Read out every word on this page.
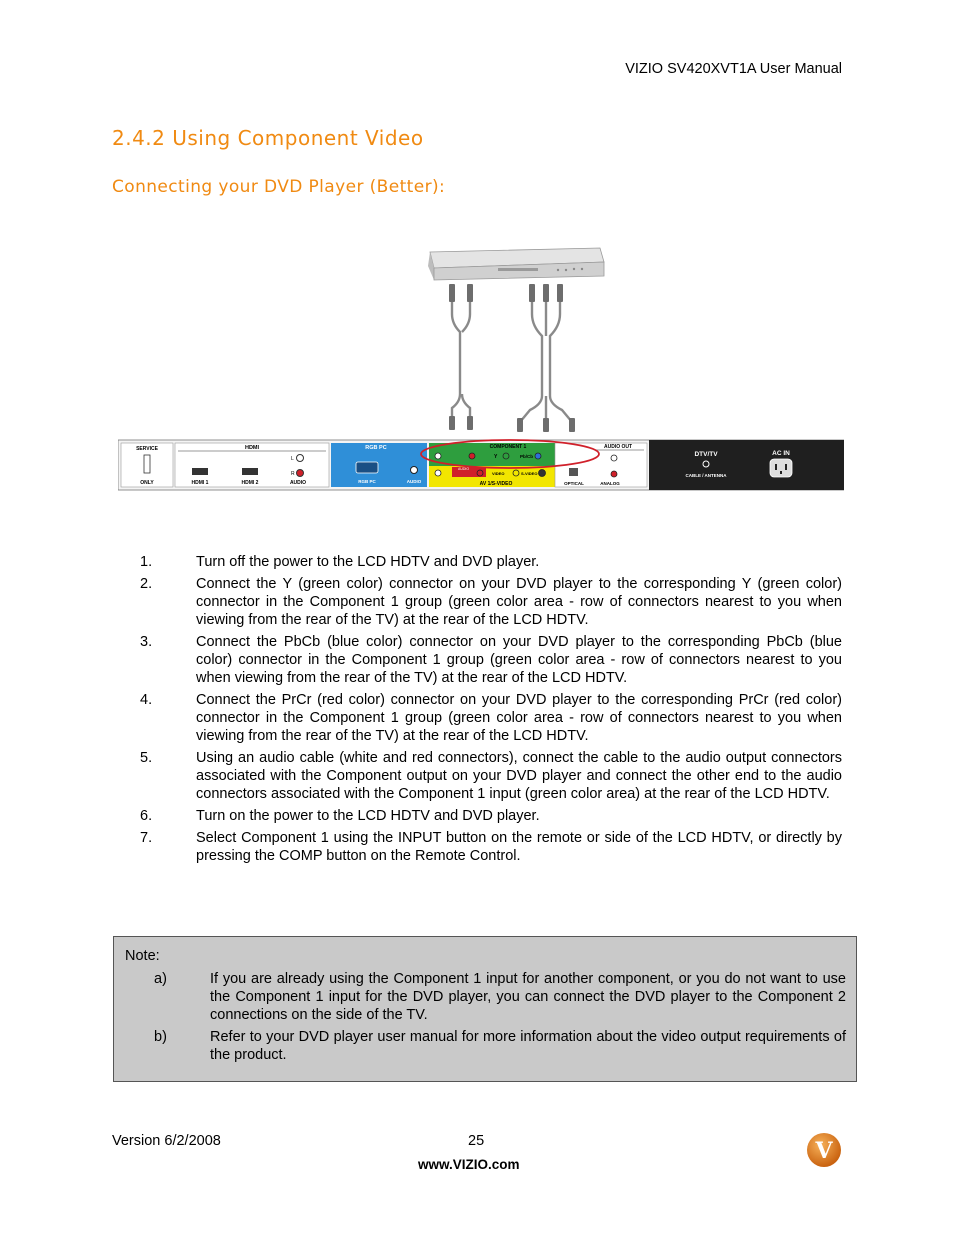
VIZIO SV420XVT1A User Manual
2.4.2 Using Component Video
Connecting your DVD Player (Better):
SERVICE
ONLY
HDMI
HDMI 1	HDMI 2
L
R
AUDIO
RGB PC
RGB PC	AUDIO
COMPONENT 1
Y	Pb/Cb
AUDIO
VIDEO	S-VIDEO
AV 1/S-VIDEO
AUDIO OUT
OPTICAL	ANALOG
DTV/TV
CABLE / ANTENNA
AC IN
1.	Turn off the power to the LCD HDTV and DVD player.
2.	Connect the Y (green color) connector on your DVD player to the corresponding Y (green color) connector in the Component 1 group (green color area - row of connectors nearest to you when viewing from the rear of the TV) at the rear of the LCD HDTV.
3.	Connect the PbCb (blue color) connector on your DVD player to the corresponding PbCb (blue color) connector in the Component 1 group (green color area - row of connectors nearest to you when viewing from the rear of the TV) at the rear of the LCD HDTV.
4.	Connect the PrCr (red color) connector on your DVD player to the corresponding PrCr (red color) connector in the Component 1 group (green color area - row of connectors nearest to you when viewing from the rear of the TV) at the rear of the LCD HDTV.
5.	Using an audio cable (white and red connectors), connect the cable to the audio output connectors associated with the Component output on your DVD player and connect the other end to the audio connectors associated with the Component 1 input (green color area) at the rear of the LCD HDTV.
6.	Turn on the power to the LCD HDTV and DVD player.
7.	Select Component 1 using the INPUT button on the remote or side of the LCD HDTV, or directly by pressing the COMP button on the Remote Control.
Note:
a)	If you are already using the Component 1 input for another component, or you do not want to use the Component 1 input for the DVD player, you can connect the DVD player to the Component 2 connections on the side of the TV.
b)	Refer to your DVD player user manual for more information about the video output requirements of the product.
Version 6/2/2008	25
www.VIZIO.com
V
